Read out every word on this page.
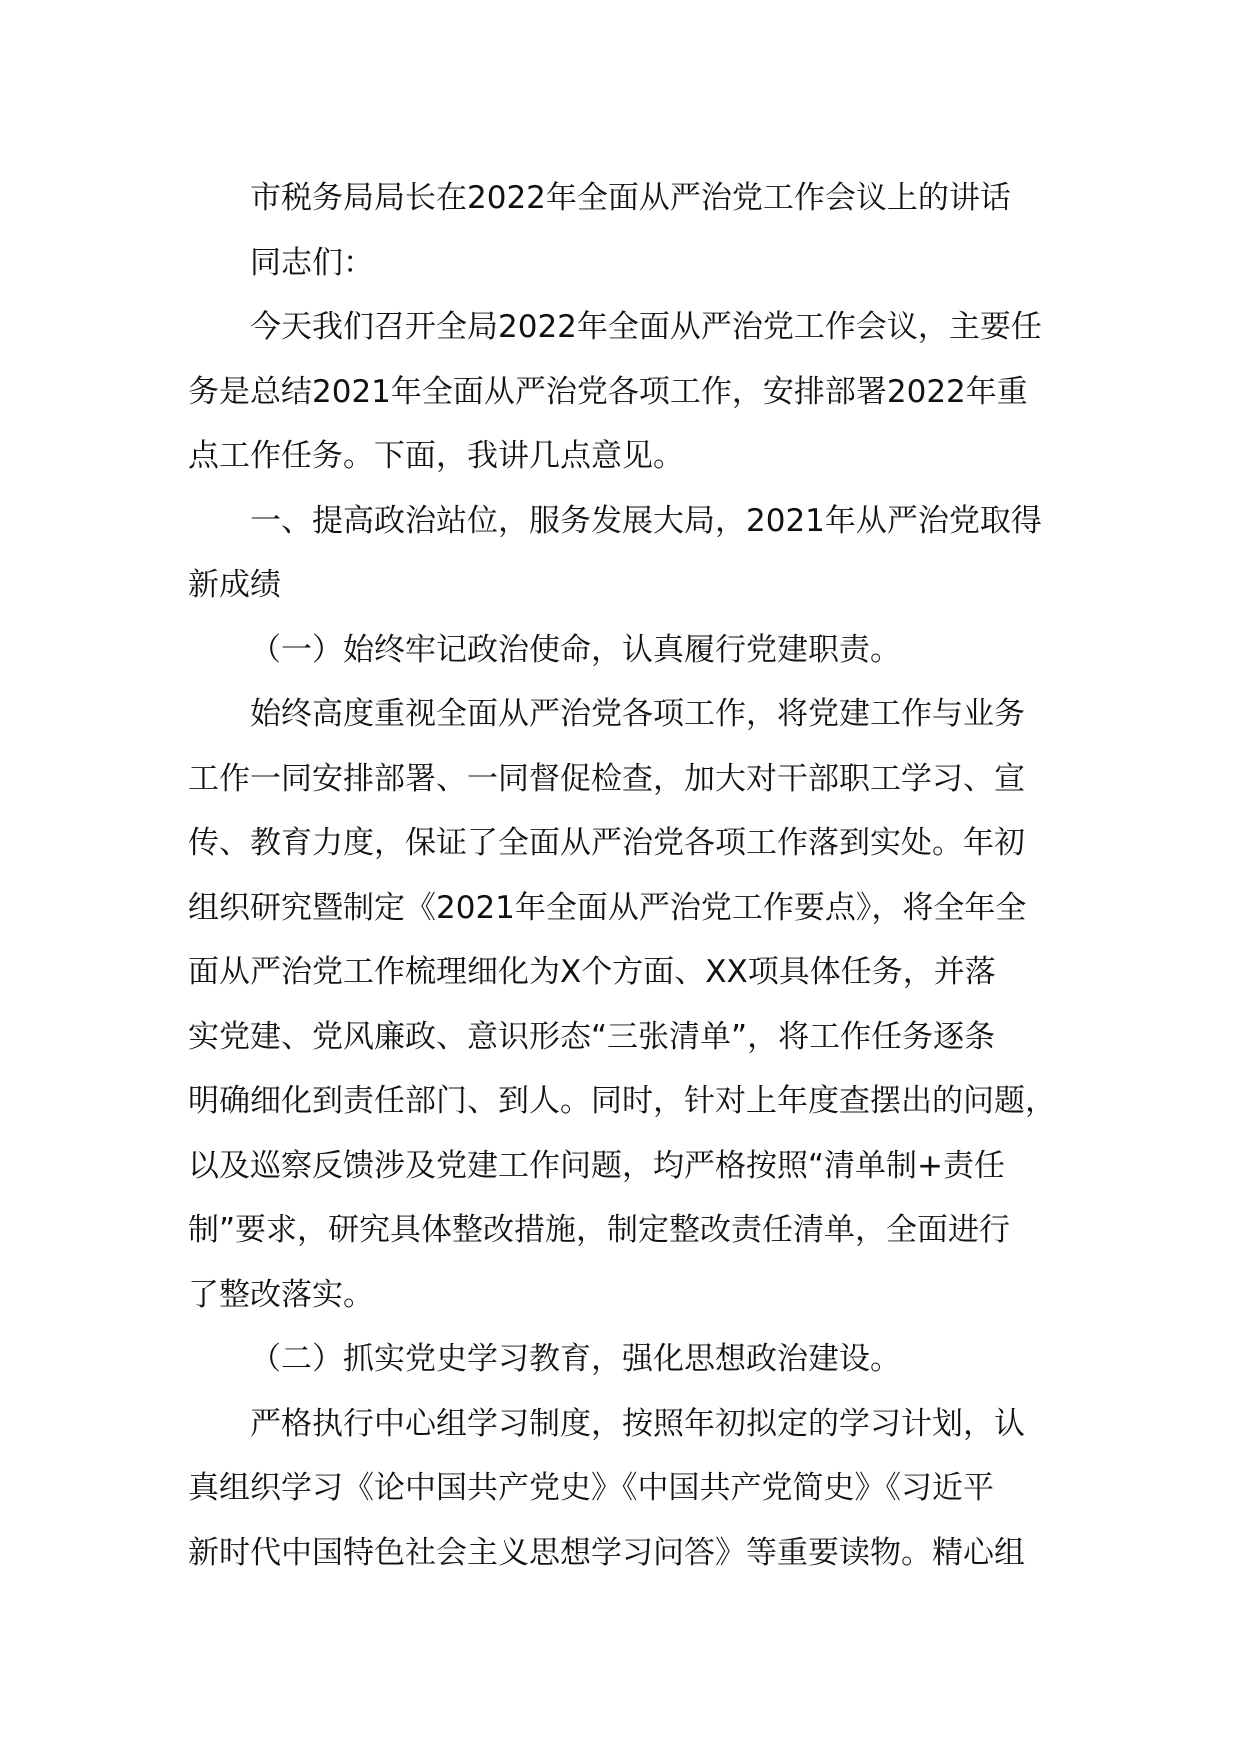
市税务局局长在2022年全面从严治党工作会议上的讲话
同志们：
今天我们召开全局2022年全面从严治党工作会议，主要任
务是总结2021年全面从严治党各项工作，安排部署2022年重
点工作任务。下面，我讲几点意见。
一、提高政治站位，服务发展大局，2021年从严治党取得
新成绩
（一）始终牢记政治使命，认真履行党建职责。
始终高度重视全面从严治党各项工作，将党建工作与业务
工作一同安排部署、一同督促检查，加大对干部职工学习、宣
传、教育力度，保证了全面从严治党各项工作落到实处。年初
组织研究暨制定《2021年全面从严治党工作要点》，将全年全
面从严治党工作梳理细化为X个方面、XX项具体任务，并落
实党建、党风廉政、意识形态“三张清单”，将工作任务逐条
明确细化到责任部门、到人。同时，针对上年度查摆出的问题，
以及巡察反馈涉及党建工作问题，均严格按照“清单制+责任
制”要求，研究具体整改措施，制定整改责任清单，全面进行
了整改落实。
（二）抓实党史学习教育，强化思想政治建设。
严格执行中心组学习制度，按照年初拟定的学习计划，认
真组织学习《论中国共产党史》《中国共产党简史》《习近平
新时代中国特色社会主义思想学习问答》等重要读物。精心组
